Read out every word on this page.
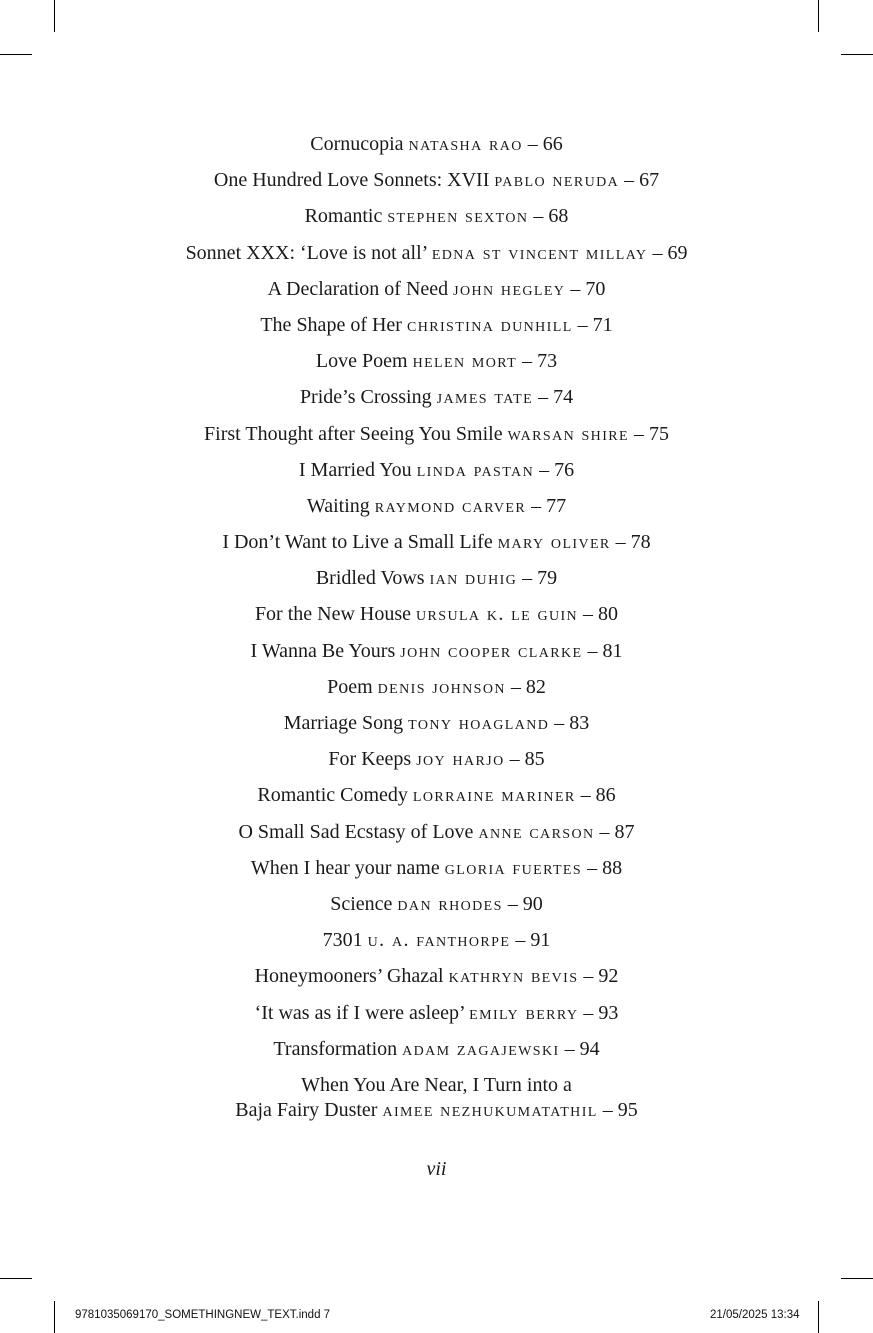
Cornucopia natasha rao – 66
One Hundred Love Sonnets: XVII pablo neruda – 67
Romantic stephen sexton – 68
Sonnet XXX: ‘Love is not all’ edna st vincent millay – 69
A Declaration of Need john hegley – 70
The Shape of Her christina dunhill – 71
Love Poem helen mort – 73
Pride’s Crossing james tate – 74
First Thought after Seeing You Smile warsan shire – 75
I Married You linda pastan – 76
Waiting raymond carver – 77
I Don’t Want to Live a Small Life mary oliver – 78
Bridled Vows ian duhig – 79
For the New House ursula k. le guin – 80
I Wanna Be Yours john cooper clarke – 81
Poem denis johnson – 82
Marriage Song tony hoagland – 83
For Keeps joy harjo – 85
Romantic Comedy lorraine mariner – 86
O Small Sad Ecstasy of Love anne carson – 87
When I hear your name gloria fuertes – 88
Science dan rhodes – 90
7301 u. a. fanthorpe – 91
Honeymooners’ Ghazal kathryn bevis – 92
‘It was as if I were asleep’ emily berry – 93
Transformation adam zagajewski – 94
When You Are Near, I Turn into a
Baja Fairy Duster aimee nezhukumatathil – 95
vii
9781035069170_SOMETHINGNEW_TEXT.indd 7	21/05/2025 13:34
